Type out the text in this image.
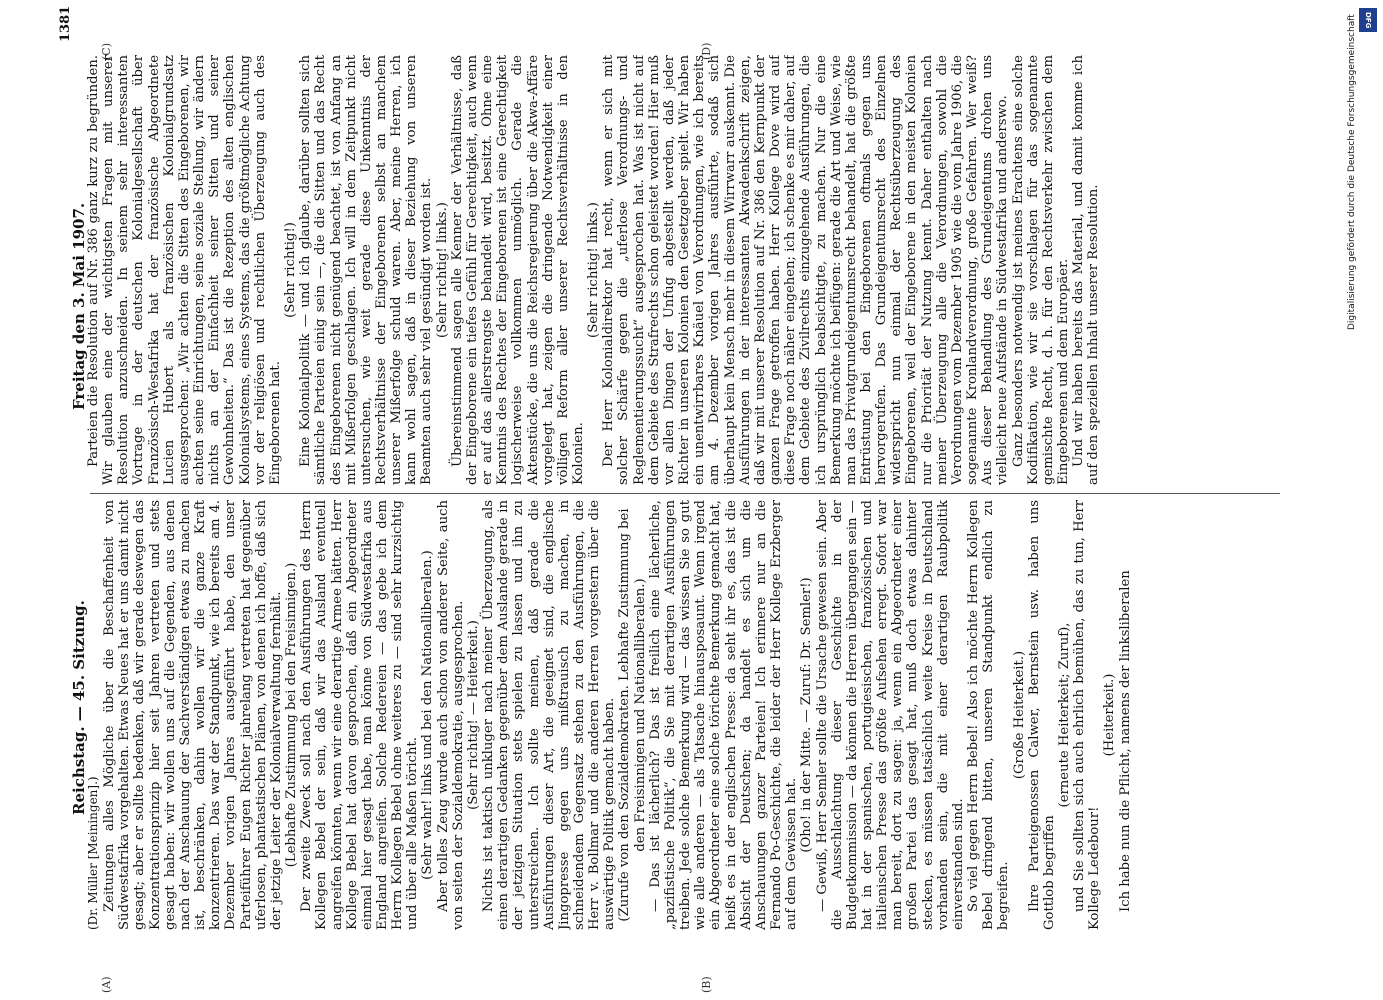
Reichstag. — 45. Sitzung.
Freitag den 3. Mai 1907.
1381
(A)	(B)
(C)	(D)

(Dr. Müller [Meiningen].) Zeitungen alles Mögliche über die Beschaffenheit von Südwestafrika vorgehalten. Etwas Neues hat er uns damit nicht gesagt; aber er sollte bedenken, daß wir gerade deswegen das Konzentrationsprinzip hier seit Jahren vertreten und stets gesagt haben: wir wollen uns auf die Gegenden, aus denen nach der Anschauung der Sachverständigen etwas zu machen ist, beschränken, dahin wollen wir die ganze Kraft konzentrieren. Das war der Standpunkt, wie ich bereits am 4. Dezember vorigen Jahres ausgeführt habe, den unser Parteiführer Eugen Richter jahrelang vertreten hat gegenüber uferlosen, phantastischen Plänen, von denen ich hoffe, daß sich der jetzige Leiter der Kolonialverwaltung fernhält. (Lebhafte Zustimmung bei den Freisinnigen.) Der zweite Zweck soll nach den Ausführungen des Herrn Kollegen Bebel der sein, daß wir das Ausland eventuell angreifen könnten, wenn wir eine derartige Armee hätten. Herr Kollege Bebel hat davon gesprochen, daß ein Abgeordneter einmal hier gesagt habe, man könne von Südwestafrika aus England angreifen. Solche Redereien — das gebe ich dem Herrn Kollegen Bebel ohne weiteres zu — sind sehr kurzsichtig und über alle Maßen töricht. (Sehr wahr! links und bei den Nationalliberalen.) Aber tolles Zeug wurde auch schon von anderer Seite, auch von seiten der Sozialdemokratie, ausgesprochen. (Sehr richtig! — Heiterkeit.) Nichts ist taktisch unkluger nach meiner Überzeugung, als einen derartigen Gedanken gegenüber dem Auslande gerade in der jetzigen Situation stets spielen zu lassen und ihn zu unterstreichen. Ich sollte meinen, daß gerade die Ausführungen dieser Art, die geeignet sind, die englische Jingopresse gegen uns mißtrauisch zu machen, in schneidendem Gegensatz stehen zu den Ausführungen, die Herr v. Bollmar und die anderen Herren vorgestern über die auswärtige Politik gemacht haben. (Zurufe von den Sozialdemokraten. Lebhafte Zustimmung bei den Freisinnigen und Nationalliberalen.) — Das ist lächerlich? Das ist freilich eine lächerliche, „pazifistische Politik“, die Sie mit derartigen Ausführungen treiben. Jede solche Bemerkung wird — das wissen Sie so gut wie alle anderen — als Tatsache hinausposaunt. Wenn irgend ein Abgeordneter eine solche törichte Bemerkung gemacht hat, heißt es in der englischen Presse: da seht ihr es, das ist die Absicht der Deutschen; da handelt es sich um die Anschauungen ganzer Parteien! Ich erinnere nur an die Fernando Po-Geschichte, die leider der Herr Kollege Erzberger auf dem Gewissen hat.

(Oho! in der Mitte. — Zuruf: Dr. Semler!) — Gewiß, Herr Semler sollte die Ursache gewesen sein. Aber die Ausschlachtung dieser Geschichte in der Budgetkommission — da können die Herren übergangen sein — hat in der spanischen, portugiesischen, französischen und italienischen Presse das größte Aufsehen erregt. Sofort war man bereit, dort zu sagen: ja, wenn ein Abgeordneter einer großen Partei das gesagt hat, muß doch etwas dahinter stecken, es müssen tatsächlich weite Kreise in Deutschland vorhanden sein, die mit einer derartigen Raubpolitik einverstanden sind. So viel gegen Herrn Bebel! Also ich möchte Herrn Kollegen Bebel dringend bitten, unseren Standpunkt endlich zu begreifen.

(Große Heiterkeit.) Ihre Parteigenossen Calwer, Bernstein usw. haben uns Gottlob begriffen

(erneute Heiterkeit; Zuruf), und Sie sollten sich auch ehrlich bemühen, das zu tun, Herr Kollege Ledebour!

(Heiterkeit.) Ich habe nun die Pflicht, namens der linksliberalen

Parteien die Resolution auf Nr. 386 ganz kurz zu begründen. Wir glauben eine der wichtigsten Fragen mit unserer Resolution anzuschneiden. In seinem sehr interessanten Vortrage in der deutschen Kolonialgesellschaft über Französisch-Westafrika hat der französische Abgeordnete Lucien Hubert als französischen Kolonialgrundsatz ausgesprochen: „Wir achten die Sitten des Eingeborenen, wir achten seine Einrichtungen, seine soziale Stellung, wir ändern nichts an der Einfachheit seiner Sitten und seiner Gewohnheiten.“ Das ist die Rezeption des alten englischen Kolonialsystems, eines Systems, das die größtmögliche Achtung vor der religiösen und rechtlichen Überzeugung auch des Eingeborenen hat.

(Sehr richtig!) Eine Kolonialpolitik — und ich glaube, darüber sollten sich sämtliche Parteien einig sein —, die die Sitten und das Recht des Eingeborenen nicht genügend beachtet, ist von Anfang an mit Mißerfolgen geschlagen. Ich will in dem Zeitpunkt nicht untersuchen, wie weit gerade diese Unkenntnis der Rechtsverhältnisse der Eingeborenen selbst an manchem unserer Mißerfolge schuld waren. Aber, meine Herren, ich kann wohl sagen, daß in dieser Beziehung von unseren Beamten auch sehr viel gesündigt worden ist. (Sehr richtig! links.) Übereinstimmend sagen alle Kenner der Verhältnisse, daß der Eingeborene ein tiefes Gefühl für Gerechtigkeit, auch wenn er auf das allerstrengste behandelt wird, besitzt. Ohne eine Kenntnis des Rechtes der Eingeborenen ist eine Gerechtigkeit logischerweise vollkommen unmöglich. Gerade die Aktenstücke, die uns die Reichsregierung über die Akwa-Affäre vorgelegt hat, zeigen die dringende Notwendigkeit einer völligen Reform aller unserer Rechtsverhältnisse in den Kolonien.

(Sehr richtig! links.) Der Herr Kolonialdirektor hat recht, wenn er sich mit solcher Schärfe gegen die „uferlose Verordnungs- und Reglementierungssucht“ ausgesprochen hat. Was ist nicht auf dem Gebiete des Strafrechts schon geleistet worden! Hier muß vor allen Dingen der Unfug abgestellt werden, daß jeder Richter in unseren Kolonien den Gesetzgeber spielt. Wir haben ein unentwirrbares Knäuel von Verordnungen, wie ich bereits am 4. Dezember vorigen Jahres ausführte, sodaß sich überhaupt kein Mensch mehr in diesem Wirrwarr auskennt. Die Ausführungen in der interessanten Akwadenkschrift zeigen, daß wir mit unserer Resolution auf Nr. 386 den Kernpunkt der ganzen Frage getroffen haben. Herr Kollege Dove wird auf diese Frage noch näher eingehen; ich schenke es mir daher, auf dem Gebiete des Zivilrechts einzugehende Ausführungen, die ich ursprünglich beabsichtigte, zu machen. Nur die eine Bemerkung möchte ich beifügen: gerade die Art und Weise, wie man das Privatgrundeigentumsrecht behandelt, hat die größte Entrüstung bei den Eingeborenen oftmals gegen uns hervorgerufen. Das Grundeigentumsrecht des Einzelnen widerspricht nun einmal der Rechtsüberzeugung des Eingeborenen, weil der Eingeborene in den meisten Kolonien nur die Priorität der Nutzung kennt. Daher enthalten nach meiner Überzeugung alle die Verordnungen, sowohl die Verordnungen vom Dezember 1905 wie die vom Jahre 1906, die sogenannte Kronlandverordnung, große Gefahren. Wer weiß? Aus dieser Behandlung des Grundeigentums drohen uns vielleicht neue Aufstände in Südwestafrika und anderswo. Ganz besonders notwendig ist meines Erachtens eine solche Kodifikation, wie wir sie vorschlagen für das sogenannte gemischte Recht, d. h. für den Rechtsverkehr zwischen dem Eingeborenen und dem Europäer. Und wir haben bereits das Material, und damit komme ich auf den speziellen Inhalt unserer Resolution.

Digitalisierung gefördert durch die Deutsche Forschungsgemeinschaft	DFG
